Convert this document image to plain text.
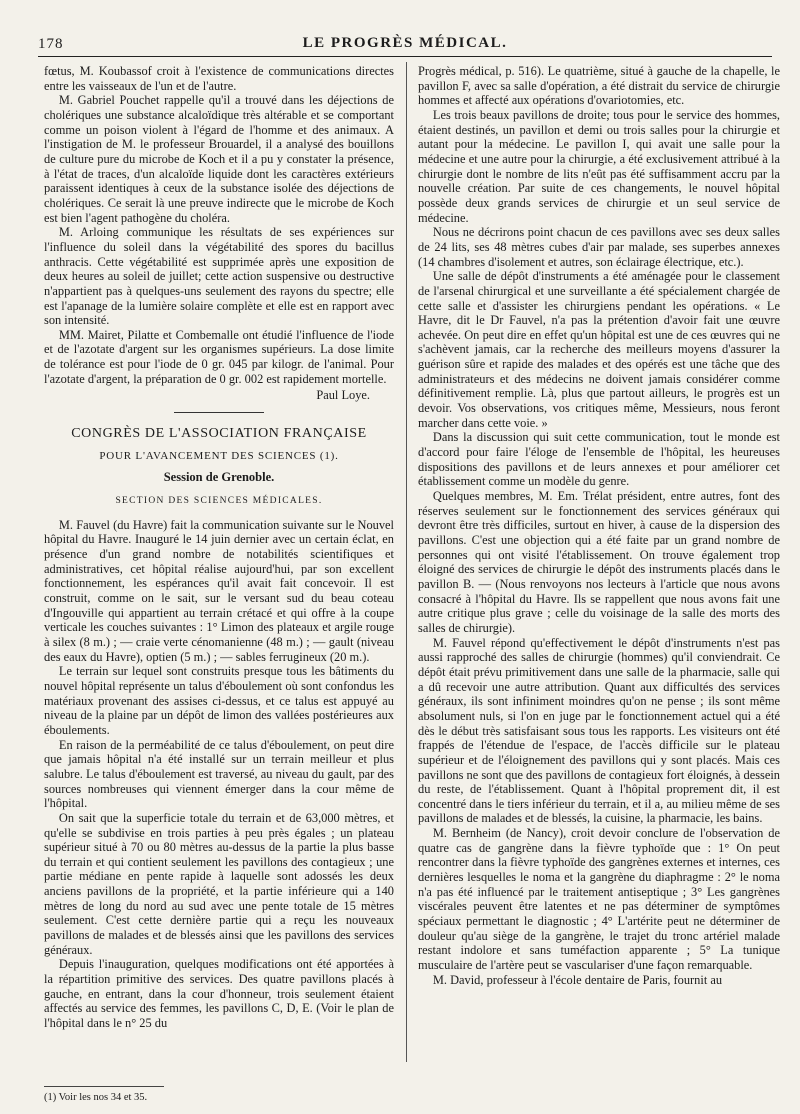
178	LE PROGRÈS MÉDICAL.

fœtus, M. Koubassof croit à l'existence de communications directes entre les vaisseaux de l'un et de l'autre.

M. Gabriel Pouchet rappelle qu'il a trouvé dans les déjections de cholériques une substance alcaloïdique très altérable et se comportant comme un poison violent à l'égard de l'homme et des animaux. A l'instigation de M. le professeur Brouardel, il a analysé des bouillons de culture pure du microbe de Koch et il a pu y constater la présence, à l'état de traces, d'un alcaloïde liquide dont les caractères extérieurs paraissent identiques à ceux de la substance isolée des déjections de cholériques. Ce serait là une preuve indirecte que le microbe de Koch est bien l'agent pathogène du choléra.

M. Arloing communique les résultats de ses expériences sur l'influence du soleil dans la végétabilité des spores du bacillus anthracis. Cette végétabilité est supprimée après une exposition de deux heures au soleil de juillet; cette action suspensive ou destructive n'appartient pas à quelques-uns seulement des rayons du spectre; elle est l'apanage de la lumière solaire complète et elle est en rapport avec son intensité.

MM. Mairet, Pilatte et Combemalle ont étudié l'influence de l'iode et de l'azotate d'argent sur les organismes supérieurs. La dose limite de tolérance est pour l'iode de 0 gr. 045 par kilogr. de l'animal. Pour l'azotate d'argent, la préparation de 0 gr. 002 est rapidement mortelle.

Paul Loye.
CONGRÈS DE L'ASSOCIATION FRANÇAISE
POUR L'AVANCEMENT DES SCIENCES (1).
Session de Grenoble.
SECTION DES SCIENCES MÉDICALES.

M. Fauvel (du Havre) fait la communication suivante sur le Nouvel hôpital du Havre. Inauguré le 14 juin dernier avec un certain éclat, en présence d'un grand nombre de notabilités scientifiques et administratives, cet hôpital réalise aujourd'hui, par son excellent fonctionnement, les espérances qu'il avait fait concevoir. Il est construit, comme on le sait, sur le versant sud du beau coteau d'Ingouville qui appartient au terrain crétacé et qui offre à la coupe verticale les couches suivantes : 1° Limon des plateaux et argile rouge à silex (8 m.) ; — craie verte cénomanienne (48 m.) ; — gault (niveau des eaux du Havre), optien (5 m.) ; — sables ferrugineux (20 m.).

Le terrain sur lequel sont construits presque tous les bâtiments du nouvel hôpital représente un talus d'éboulement où sont confondus les matériaux provenant des assises ci-dessus, et ce talus est appuyé au niveau de la plaine par un dépôt de limon des vallées postérieures aux éboulements.

En raison de la perméabilité de ce talus d'éboulement, on peut dire que jamais hôpital n'a été installé sur un terrain meilleur et plus salubre. Le talus d'éboulement est traversé, au niveau du gault, par des sources nombreuses qui viennent émerger dans la cour même de l'hôpital.

On sait que la superficie totale du terrain et de 63,000 mètres, et qu'elle se subdivise en trois parties à peu près égales ; un plateau supérieur situé à 70 ou 80 mètres au-dessus de la partie la plus basse du terrain et qui contient seulement les pavillons des contagieux ; une partie médiane en pente rapide à laquelle sont adossés les deux anciens pavillons de la propriété, et la partie inférieure qui a 140 mètres de long du nord au sud avec une pente totale de 15 mètres seulement. C'est cette dernière partie qui a reçu les nouveaux pavillons de malades et de blessés ainsi que les pavillons des services généraux.

Depuis l'inauguration, quelques modifications ont été apportées à la répartition primitive des services. Des quatre pavillons placés à gauche, en entrant, dans la cour d'honneur, trois seulement étaient affectés au service des femmes, les pavillons C, D, E. (Voir le plan de l'hôpital dans le n° 25 du

Progrès médical, p. 516). Le quatrième, situé à gauche de la chapelle, le pavillon F, avec sa salle d'opération, a été distrait du service de chirurgie hommes et affecté aux opérations d'ovariotomies, etc.

Les trois beaux pavillons de droite; tous pour le service des hommes, étaient destinés, un pavillon et demi ou trois salles pour la chirurgie et autant pour la médecine. Le pavillon I, qui avait une salle pour la médecine et une autre pour la chirurgie, a été exclusivement attribué à la chirurgie dont le nombre de lits n'eût pas été suffisamment accru par la nouvelle création. Par suite de ces changements, le nouvel hôpital possède deux grands services de chirurgie et un seul service de médecine.

Nous ne décrirons point chacun de ces pavillons avec ses deux salles de 24 lits, ses 48 mètres cubes d'air par malade, ses superbes annexes (14 chambres d'isolement et autres, son éclairage électrique, etc.).

Une salle de dépôt d'instruments a été aménagée pour le classement de l'arsenal chirurgical et une surveillante a été spécialement chargée de cette salle et d'assister les chirurgiens pendant les opérations. « Le Havre, dit le Dr Fauvel, n'a pas la prétention d'avoir fait une œuvre achevée. On peut dire en effet qu'un hôpital est une de ces œuvres qui ne s'achèvent jamais, car la recherche des meilleurs moyens d'assurer la guérison sûre et rapide des malades et des opérés est une tâche que des administrateurs et des médecins ne doivent jamais considérer comme définitivement remplie. Là, plus que partout ailleurs, le progrès est un devoir. Vos observations, vos critiques même, Messieurs, nous feront marcher dans cette voie. »

Dans la discussion qui suit cette communication, tout le monde est d'accord pour faire l'éloge de l'ensemble de l'hôpital, les heureuses dispositions des pavillons et de leurs annexes et pour améliorer cet établissement comme un modèle du genre.

Quelques membres, M. Em. Trélat président, entre autres, font des réserves seulement sur le fonctionnement des services généraux qui devront être très difficiles, surtout en hiver, à cause de la dispersion des pavillons. C'est une objection qui a été faite par un grand nombre de personnes qui ont visité l'établissement. On trouve également trop éloigné des services de chirurgie le dépôt des instruments placés dans le pavillon B. — (Nous renvoyons nos lecteurs à l'article que nous avons consacré à l'hôpital du Havre. Ils se rappellent que nous avons fait une autre critique plus grave ; celle du voisinage de la salle des morts des salles de chirurgie).

M. Fauvel répond qu'effectivement le dépôt d'instruments n'est pas aussi rapproché des salles de chirurgie (hommes) qu'il conviendrait. Ce dépôt était prévu primitivement dans une salle de la pharmacie, salle qui a dû recevoir une autre attribution. Quant aux difficultés des services généraux, ils sont infiniment moindres qu'on ne pense ; ils sont même absolument nuls, si l'on en juge par le fonctionnement actuel qui a été dès le début très satisfaisant sous tous les rapports. Les visiteurs ont été frappés de l'étendue de l'espace, de l'accès difficile sur le plateau supérieur et de l'éloignement des pavillons qui y sont placés. Mais ces pavillons ne sont que des pavillons de contagieux fort éloignés, à dessein du reste, de l'établissement. Quant à l'hôpital proprement dit, il est concentré dans le tiers inférieur du terrain, et il a, au milieu même de ses pavillons de malades et de blessés, la cuisine, la pharmacie, les bains.

M. Bernheim (de Nancy), croit devoir conclure de l'observation de quatre cas de gangrène dans la fièvre typhoïde que : 1° On peut rencontrer dans la fièvre typhoïde des gangrènes externes et internes, ces dernières lesquelles le noma et la gangrène du diaphragme : 2° le noma n'a pas été influencé par le traitement antiseptique ; 3° Les gangrènes viscérales peuvent être latentes et ne pas déterminer de symptômes spéciaux permettant le diagnostic ; 4° L'artérite peut ne déterminer de douleur qu'au siège de la gangrène, le trajet du tronc artériel malade restant indolore et sans tuméfaction apparente ; 5° La tunique musculaire de l'artère peut se vasculariser d'une façon remarquable.

M. David, professeur à l'école dentaire de Paris, fournit au

(1) Voir les nos 34 et 35.
